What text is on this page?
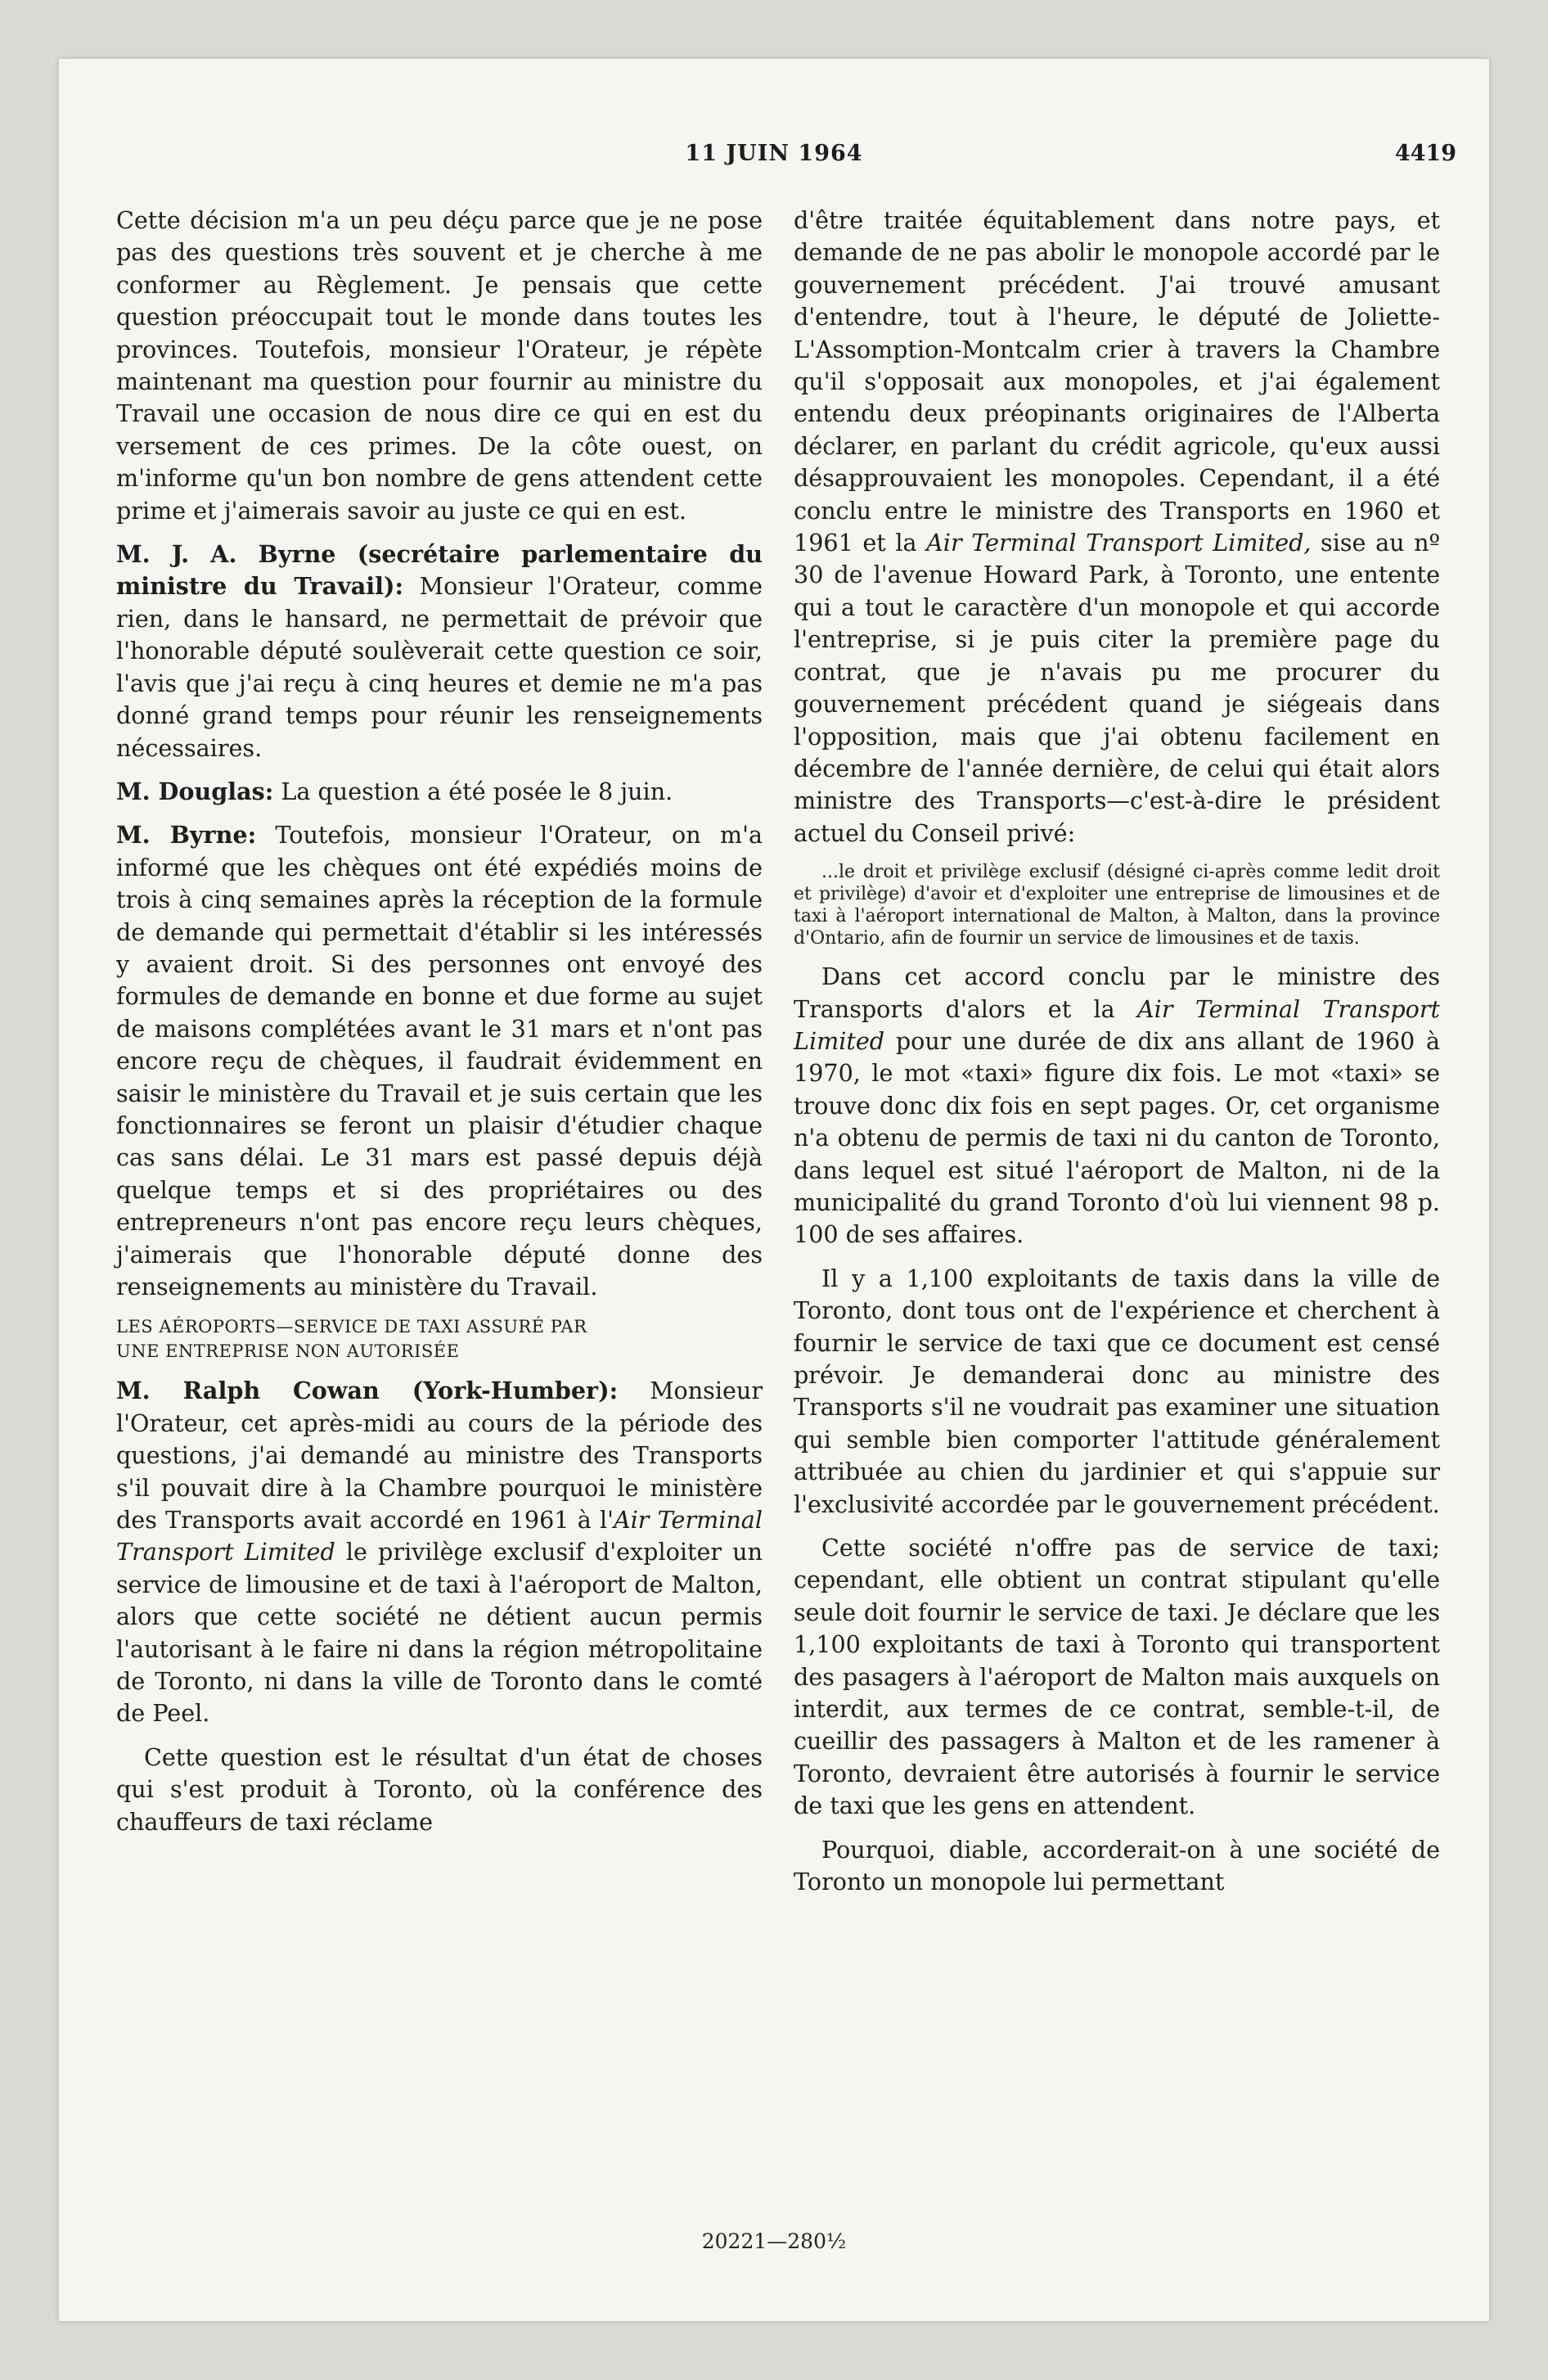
11 JUIN 1964	4419

Cette décision m'a un peu déçu parce que je ne pose pas des questions très souvent et je cherche à me conformer au Règlement. Je pensais que cette question préoccupait tout le monde dans toutes les provinces. Toutefois, monsieur l'Orateur, je répète maintenant ma question pour fournir au ministre du Travail une occasion de nous dire ce qui en est du versement de ces primes. De la côte ouest, on m'informe qu'un bon nombre de gens attendent cette prime et j'aimerais savoir au juste ce qui en est.

M. J. A. Byrne (secrétaire parlementaire du ministre du Travail): Monsieur l'Orateur, comme rien, dans le hansard, ne permettait de prévoir que l'honorable député soulèverait cette question ce soir, l'avis que j'ai reçu à cinq heures et demie ne m'a pas donné grand temps pour réunir les renseignements nécessaires.

M. Douglas: La question a été posée le 8 juin.

M. Byrne: Toutefois, monsieur l'Orateur, on m'a informé que les chèques ont été expédiés moins de trois à cinq semaines après la réception de la formule de demande qui permettait d'établir si les intéressés y avaient droit. Si des personnes ont envoyé des formules de demande en bonne et due forme au sujet de maisons complétées avant le 31 mars et n'ont pas encore reçu de chèques, il faudrait évidemment en saisir le ministère du Travail et je suis certain que les fonctionnaires se feront un plaisir d'étudier chaque cas sans délai. Le 31 mars est passé depuis déjà quelque temps et si des propriétaires ou des entrepreneurs n'ont pas encore reçu leurs chèques, j'aimerais que l'honorable député donne des renseignements au ministère du Travail.

LES AÉROPORTS—SERVICE DE TAXI ASSURÉ PAR
UNE ENTREPRISE NON AUTORISÉE

M. Ralph Cowan (York-Humber): Monsieur l'Orateur, cet après-midi au cours de la période des questions, j'ai demandé au ministre des Transports s'il pouvait dire à la Chambre pourquoi le ministère des Transports avait accordé en 1961 à l'Air Terminal Transport Limited le privilège exclusif d'exploiter un service de limousine et de taxi à l'aéroport de Malton, alors que cette société ne détient aucun permis l'autorisant à le faire ni dans la région métropolitaine de Toronto, ni dans la ville de Toronto dans le comté de Peel.

Cette question est le résultat d'un état de choses qui s'est produit à Toronto, où la conférence des chauffeurs de taxi réclame

d'être traitée équitablement dans notre pays, et demande de ne pas abolir le monopole accordé par le gouvernement précédent. J'ai trouvé amusant d'entendre, tout à l'heure, le député de Joliette-L'Assomption-Montcalm crier à travers la Chambre qu'il s'opposait aux monopoles, et j'ai également entendu deux préopinants originaires de l'Alberta déclarer, en parlant du crédit agricole, qu'eux aussi désapprouvaient les monopoles. Cependant, il a été conclu entre le ministre des Transports en 1960 et 1961 et la Air Terminal Transport Limited, sise au nº 30 de l'avenue Howard Park, à Toronto, une entente qui a tout le caractère d'un monopole et qui accorde l'entreprise, si je puis citer la première page du contrat, que je n'avais pu me procurer du gouvernement précédent quand je siégeais dans l'opposition, mais que j'ai obtenu facilement en décembre de l'année dernière, de celui qui était alors ministre des Transports—c'est-à-dire le président actuel du Conseil privé:

...le droit et privilège exclusif (désigné ci-après comme ledit droit et privilège) d'avoir et d'exploiter une entreprise de limousines et de taxi à l'aéroport international de Malton, à Malton, dans la province d'Ontario, afin de fournir un service de limousines et de taxis.

Dans cet accord conclu par le ministre des Transports d'alors et la Air Terminal Transport Limited pour une durée de dix ans allant de 1960 à 1970, le mot «taxi» figure dix fois. Le mot «taxi» se trouve donc dix fois en sept pages. Or, cet organisme n'a obtenu de permis de taxi ni du canton de Toronto, dans lequel est situé l'aéroport de Malton, ni de la municipalité du grand Toronto d'où lui viennent 98 p. 100 de ses affaires.

Il y a 1,100 exploitants de taxis dans la ville de Toronto, dont tous ont de l'expérience et cherchent à fournir le service de taxi que ce document est censé prévoir. Je demanderai donc au ministre des Transports s'il ne voudrait pas examiner une situation qui semble bien comporter l'attitude généralement attribuée au chien du jardinier et qui s'appuie sur l'exclusivité accordée par le gouvernement précédent.

Cette société n'offre pas de service de taxi; cependant, elle obtient un contrat stipulant qu'elle seule doit fournir le service de taxi. Je déclare que les 1,100 exploitants de taxi à Toronto qui transportent des pasagers à l'aéroport de Malton mais auxquels on interdit, aux termes de ce contrat, semble-t-il, de cueillir des passagers à Malton et de les ramener à Toronto, devraient être autorisés à fournir le service de taxi que les gens en attendent.

Pourquoi, diable, accorderait-on à une société de Toronto un monopole lui permettant

20221—280½
